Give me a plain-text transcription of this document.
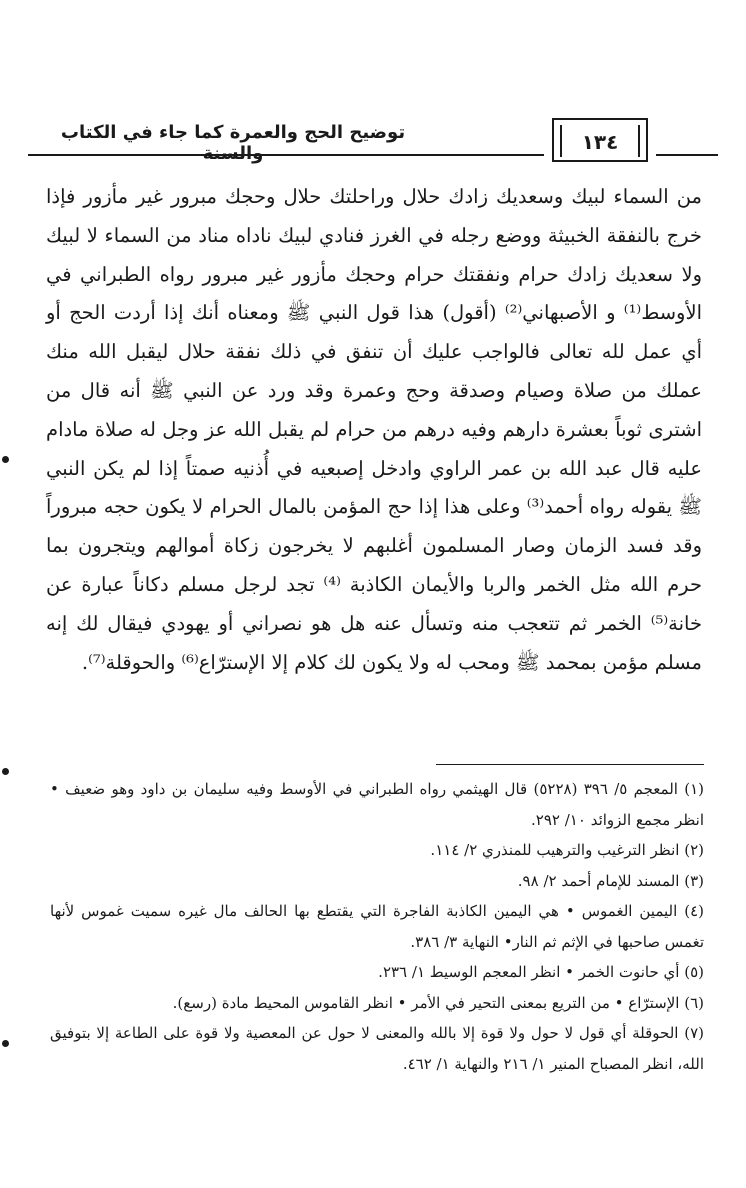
توضيح الحج والعمرة كما جاء في الكتاب والسنة	١٣٤

من السماء لبيك وسعديك زادك حلال وراحلتك حلال وحجك مبرور غير مأزور فإذا خرج بالنفقة الخبيثة ووضع رجله في الغرز فنادي لبيك ناداه مناد من السماء لا لبيك ولا سعديك زادك حرام ونفقتك حرام وحجك مأزور غير مبرور رواه الطبراني في الأوسط⁽¹⁾ و الأصبهاني⁽²⁾ (أقول) هذا قول النبي ﷺ ومعناه أنك إذا أردت الحج أو أي عمل لله تعالى فالواجب عليك أن تنفق في ذلك نفقة حلال ليقبل الله منك عملك من صلاة وصيام وصدقة وحج وعمرة وقد ورد عن النبي ﷺ أنه قال من اشترى ثوباً بعشرة دارهم وفيه درهم من حرام لم يقبل الله عز وجل له صلاة مادام عليه قال عبد الله بن عمر الراوي وادخل إصبعيه في أُذنيه صمتاً إذا لم يكن النبي ﷺ يقوله رواه أحمد⁽³⁾ وعلى هذا إذا حج المؤمن بالمال الحرام لا يكون حجه مبروراً وقد فسد الزمان وصار المسلمون أغلبهم لا يخرجون زكاة أموالهم ويتجرون بما حرم الله مثل الخمر والربا والأيمان الكاذبة ⁽⁴⁾ تجد لرجل مسلم دكاناً عبارة عن خانة⁽⁵⁾ الخمر ثم تتعجب منه وتسأل عنه هل هو نصراني أو يهودي فيقال لك إنه مسلم مؤمن بمحمد ﷺ ومحب له ولا يكون لك كلام إلا الإسترّاع⁽⁶⁾ والحوقلة⁽⁷⁾.

(١) المعجم ٥/ ٣٩٦ (٥٢٢٨) قال الهيثمي رواه الطبراني في الأوسط وفيه سليمان بن داود وهو ضعيف • انظر مجمع الزوائد ١٠/ ٢٩٢.

(٢) انظر الترغيب والترهيب للمنذري ٢/ ١١٤.

(٣) المسند للإمام أحمد ٢/ ٩٨.

(٤) اليمين الغموس • هي اليمين الكاذبة الفاجرة التي يقتطع بها الحالف مال غيره سميت غموس لأنها تغمس صاحبها في الإثم ثم النار• النهاية ٣/ ٣٨٦.

(٥) أي حانوت الخمر • انظر المعجم الوسيط ١/ ٢٣٦.

(٦) الإسترّاع • من التريع بمعنى التحير في الأمر • انظر القاموس المحيط مادة (رسع).

(٧) الحوقلة أي قول لا حول ولا قوة إلا بالله والمعنى لا حول عن المعصية ولا قوة على الطاعة إلا بتوفيق الله، انظر المصباح المنير ١/ ٢١٦ والنهاية ١/ ٤٦٢.
